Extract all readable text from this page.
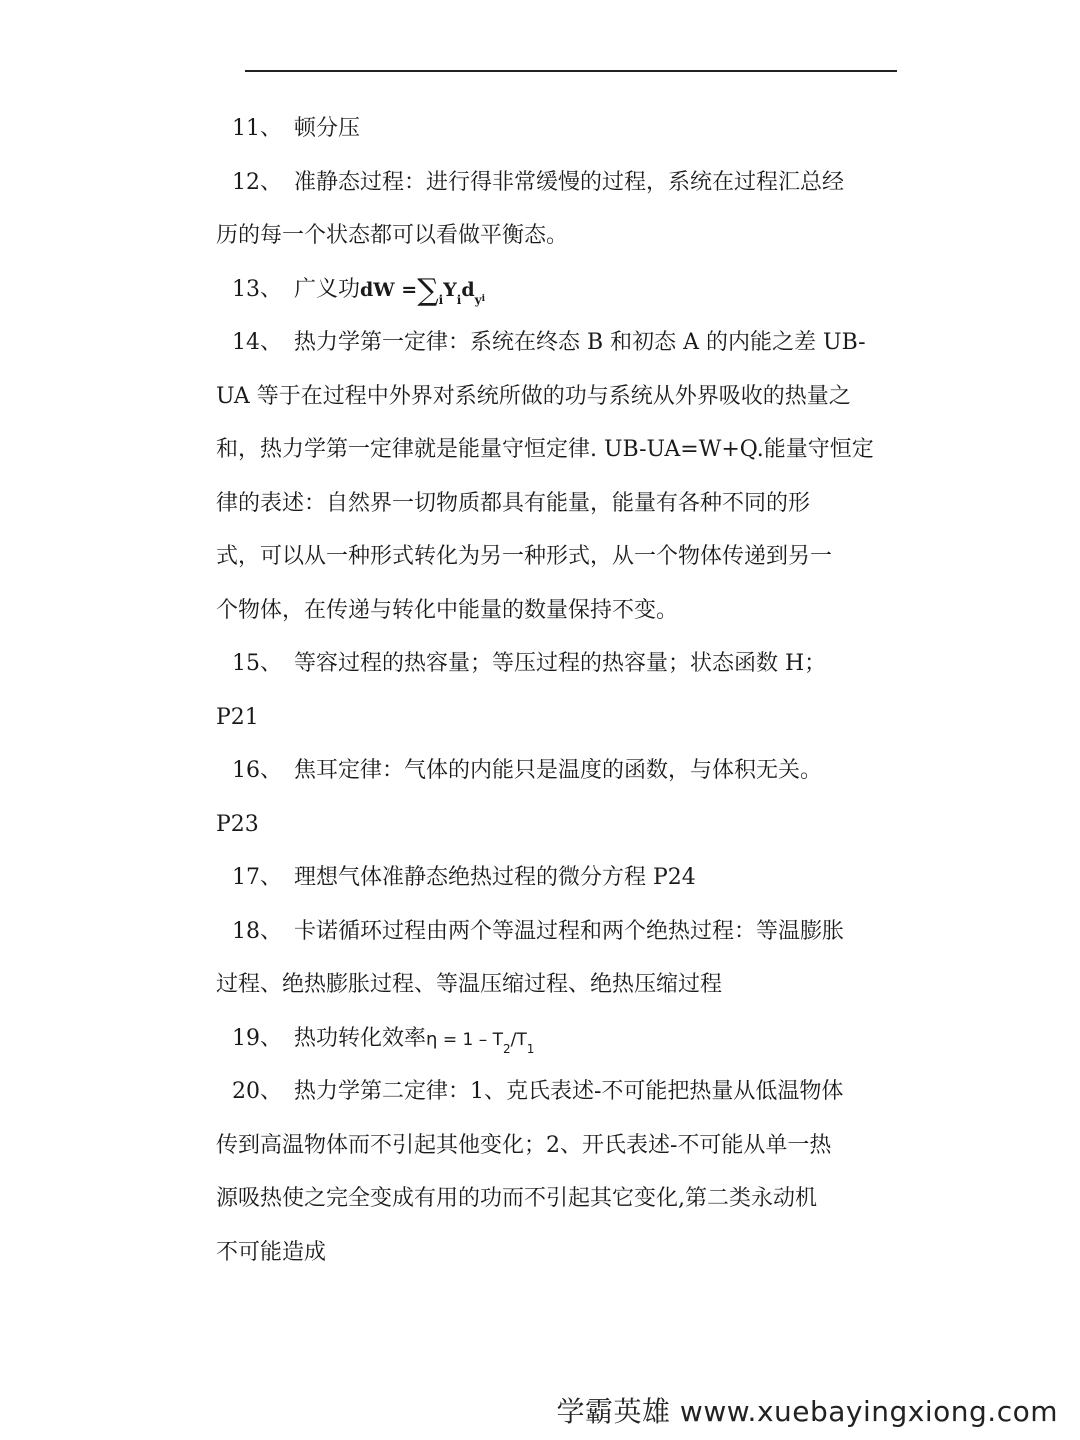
11、 顿分压
12、 准静态过程：进行得非常缓慢的过程，系统在过程汇总经
历的每一个状态都可以看做平衡态。
13、 广义功dW $=\sum_iY_id_{yi}$
14、 热力学第一定律：系统在终态 B 和初态 A 的内能之差 UB-
UA 等于在过程中外界对系统所做的功与系统从外界吸收的热量之
和，热力学第一定律就是能量守恒定律. UB-UA=W+Q.能量守恒定
律的表述：自然界一切物质都具有能量，能量有各种不同的形
式，可以从一种形式转化为另一种形式，从一个物体传递到另一
个物体，在传递与转化中能量的数量保持不变。
15、 等容过程的热容量；等压过程的热容量；状态函数 H；
P21
16、 焦耳定律：气体的内能只是温度的函数，与体积无关。
P23
17、 理想气体准静态绝热过程的微分方程 P24
18、 卡诺循环过程由两个等温过程和两个绝热过程：等温膨胀
过程、绝热膨胀过程、等温压缩过程、绝热压缩过程
19、 热功转化效率$\eta = 1 - T_2/T_1$
20、 热力学第二定律：1、克氏表述-不可能把热量从低温物体
传到高温物体而不引起其他变化；2、开氏表述-不可能从单一热
源吸热使之完全变成有用的功而不引起其它变化,第二类永动机
不可能造成
学霸英雄 www.xuebayingxiong.com
